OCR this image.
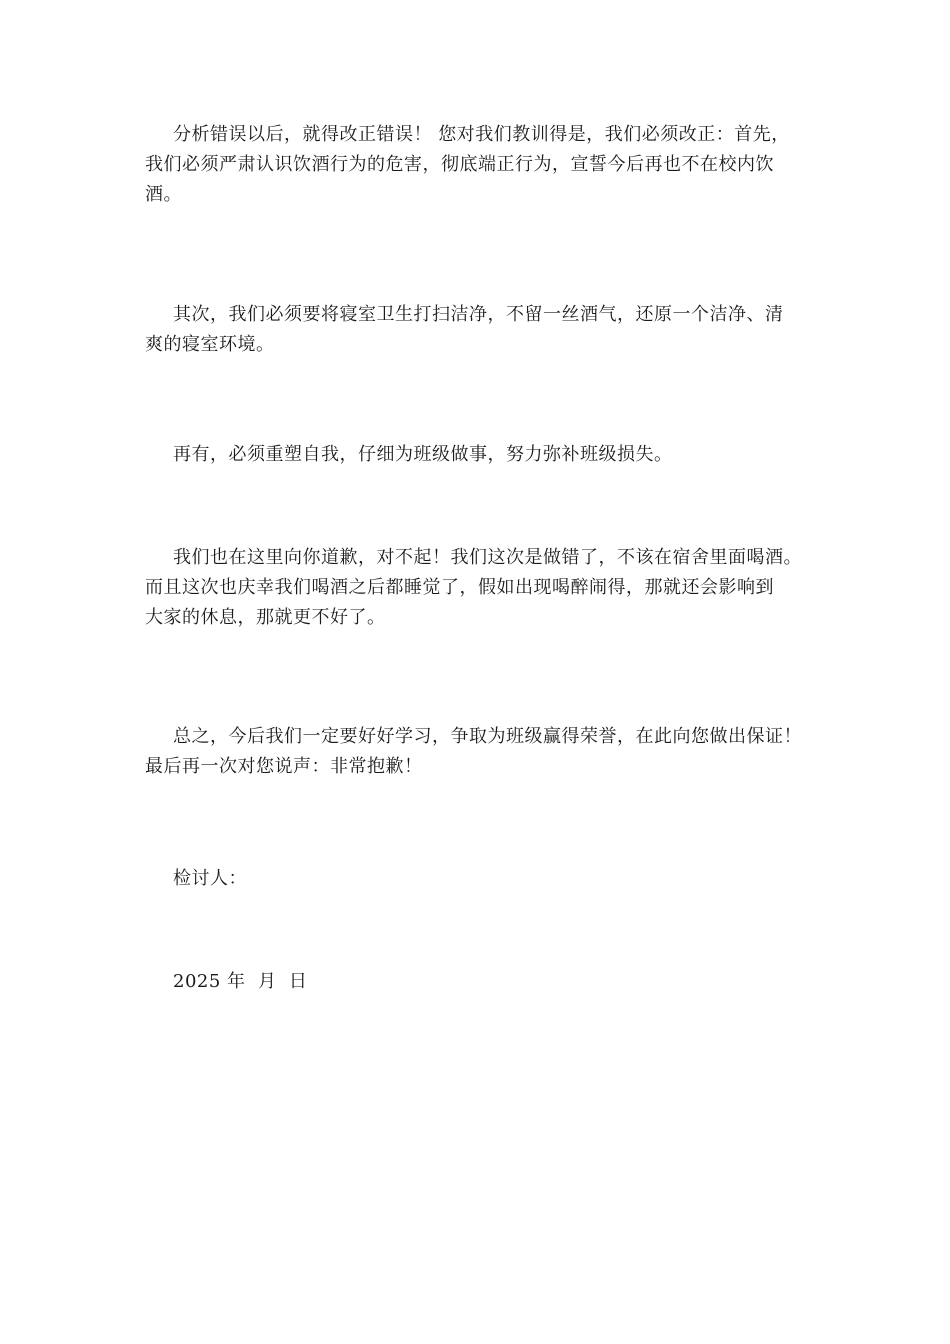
分析错误以后，就得改正错误！ 您对我们教训得是，我们必须改正：首先，
我们必须严肃认识饮酒行为的危害，彻底端正行为，宣誓今后再也不在校内饮
酒。
其次，我们必须要将寝室卫生打扫洁净，不留一丝酒气，还原一个洁净、清
爽的寝室环境。
再有，必须重塑自我，仔细为班级做事，努力弥补班级损失。
我们也在这里向你道歉，对不起！我们这次是做错了，不该在宿舍里面喝酒。
而且这次也庆幸我们喝酒之后都睡觉了，假如出现喝醉闹得，那就还会影响到
大家的休息，那就更不好了。
总之，今后我们一定要好好学习，争取为班级赢得荣誉，在此向您做出保证！
最后再一次对您说声：非常抱歉！
检讨人：
2025 年  月  日
